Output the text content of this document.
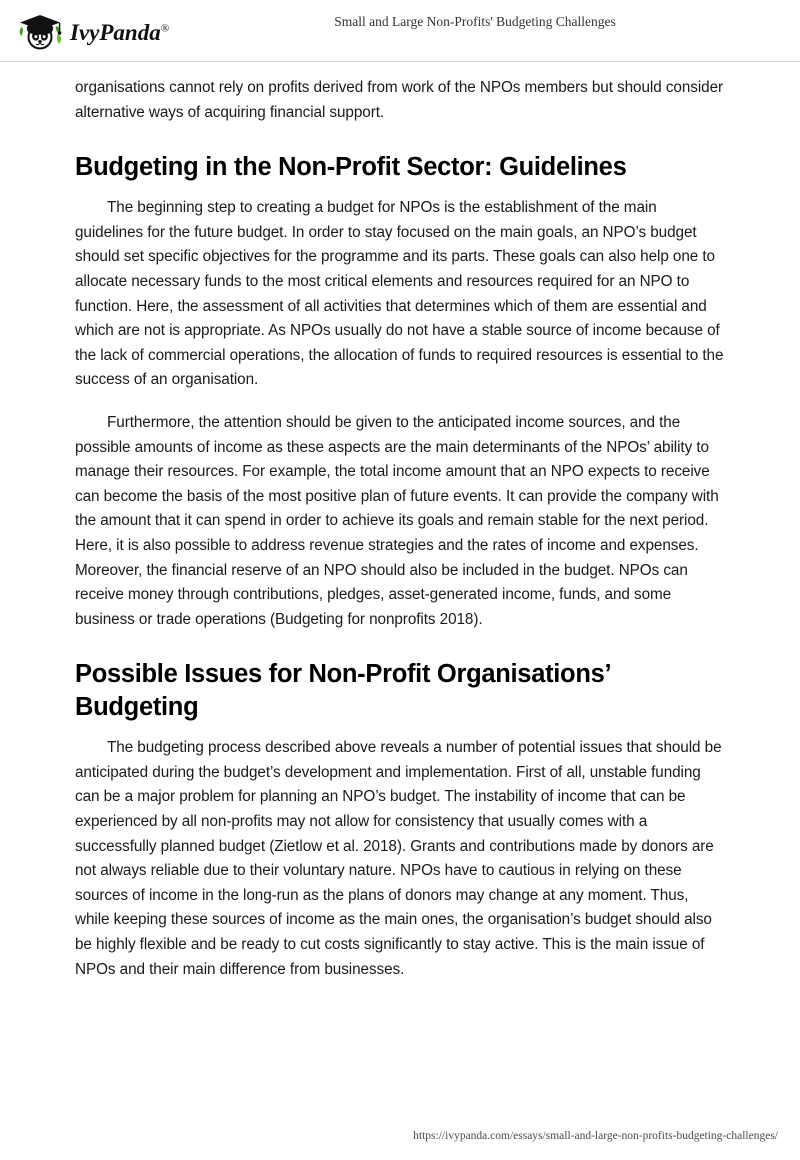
IvyPanda®	Small and Large Non-Profits' Budgeting Challenges

organisations cannot rely on profits derived from work of the NPOs members but should consider alternative ways of acquiring financial support.

Budgeting in the Non-Profit Sector: Guidelines

The beginning step to creating a budget for NPOs is the establishment of the main guidelines for the future budget. In order to stay focused on the main goals, an NPO’s budget should set specific objectives for the programme and its parts. These goals can also help one to allocate necessary funds to the most critical elements and resources required for an NPO to function. Here, the assessment of all activities that determines which of them are essential and which are not is appropriate. As NPOs usually do not have a stable source of income because of the lack of commercial operations, the allocation of funds to required resources is essential to the success of an organisation.

Furthermore, the attention should be given to the anticipated income sources, and the possible amounts of income as these aspects are the main determinants of the NPOs’ ability to manage their resources. For example, the total income amount that an NPO expects to receive can become the basis of the most positive plan of future events. It can provide the company with the amount that it can spend in order to achieve its goals and remain stable for the next period. Here, it is also possible to address revenue strategies and the rates of income and expenses. Moreover, the financial reserve of an NPO should also be included in the budget. NPOs can receive money through contributions, pledges, asset-generated income, funds, and some business or trade operations (Budgeting for nonprofits 2018).

Possible Issues for Non-Profit Organisations’ Budgeting

The budgeting process described above reveals a number of potential issues that should be anticipated during the budget’s development and implementation. First of all, unstable funding can be a major problem for planning an NPO’s budget. The instability of income that can be experienced by all non-profits may not allow for consistency that usually comes with a successfully planned budget (Zietlow et al. 2018). Grants and contributions made by donors are not always reliable due to their voluntary nature. NPOs have to cautious in relying on these sources of income in the long-run as the plans of donors may change at any moment. Thus, while keeping these sources of income as the main ones, the organisation’s budget should also be highly flexible and be ready to cut costs significantly to stay active. This is the main issue of NPOs and their main difference from businesses.

https://ivypanda.com/essays/small-and-large-non-profits-budgeting-challenges/
